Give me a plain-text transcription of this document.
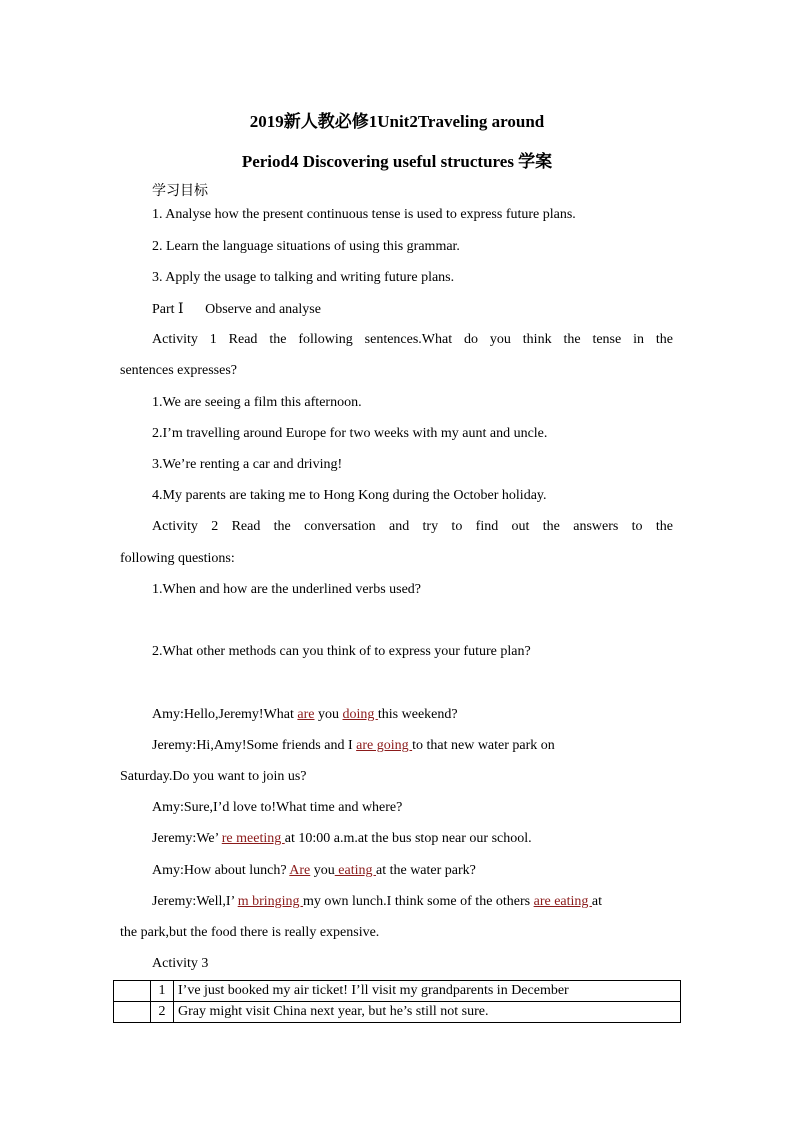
2019新人教必修1Unit2Traveling around
Period4 Discovering useful structures 学案
学习目标
1. Analyse how the present continuous tense is used to express future plans.
2. Learn the language situations of using this grammar.
3. Apply the usage to talking and writing future plans.
Part Ⅰ Observe and analyse
Activity 1 Read the following sentences.What do you think the tense in the
sentences expresses?
1.We are seeing a film this afternoon.
2.I’m travelling around Europe for two weeks with my aunt and uncle.
3.We’re renting a car and driving!
4.My parents are taking me to Hong Kong during the October holiday.
Activity 2 Read the conversation and try to find out the answers to the
following questions:
1.When and how are the underlined verbs used?
2.What other methods can you think of to express your future plan?
Amy:Hello,Jeremy!What are you doing this weekend?
Jeremy:Hi,Amy!Some friends and I are going to that new water park on
Saturday.Do you want to join us?
Amy:Sure,I’d love to!What time and where?
Jeremy:We’ re meeting at 10:00 a.m.at the bus stop near our school.
Amy:How about lunch? Are you eating at the water park?
Jeremy:Well,I’ m bringing my own lunch.I think some of the others are eating at
the park,but the food there is really expensive.
Activity 3
	1	I’ve just booked my air ticket! I’ll visit my grandparents in December
	2	Gray might visit China next year, but he’s still not sure.
